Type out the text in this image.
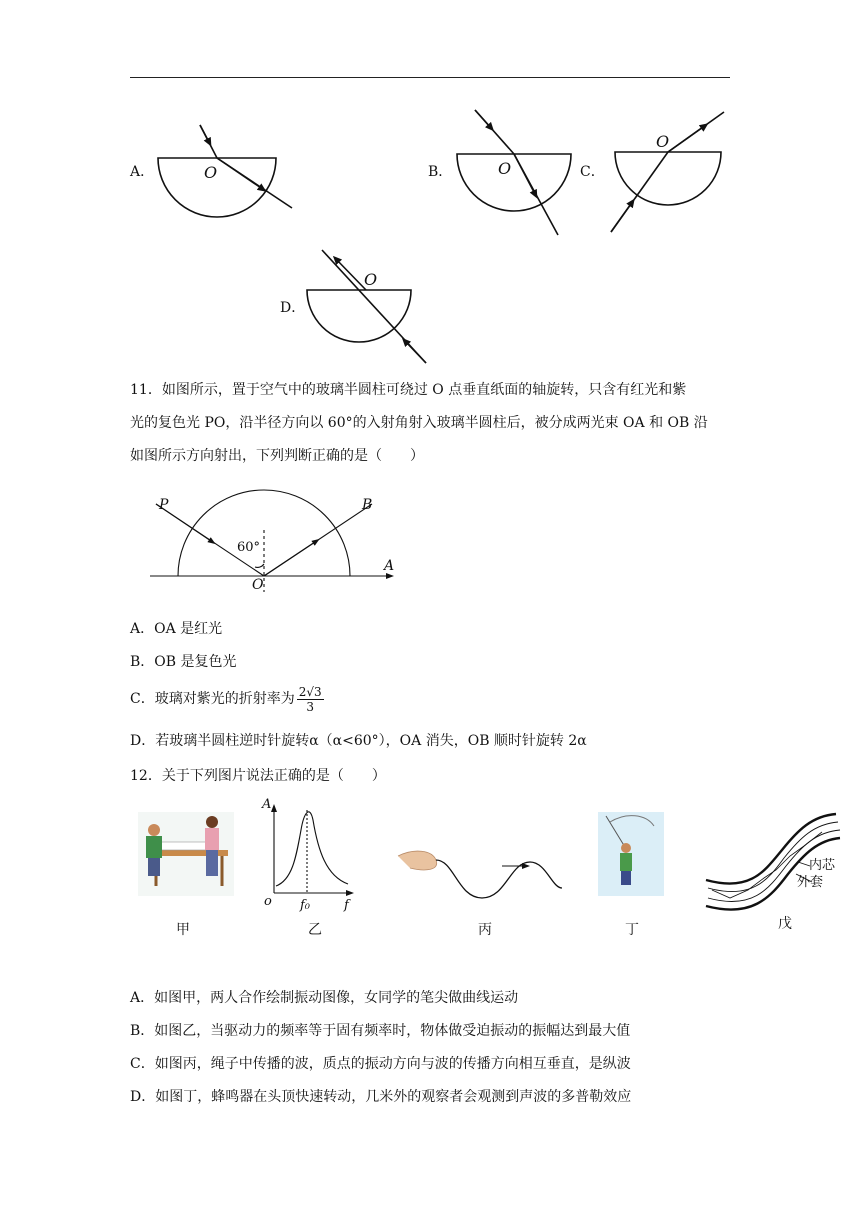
A．	B．	C．
D．
O	O
O
O
11．如图所示，置于空气中的玻璃半圆柱可绕过 O 点垂直纸面的轴旋转，只含有红光和紫
光的复色光 PO，沿半径方向以 60°的入射角射入玻璃半圆柱后，被分成两光束 OA 和 OB 沿
如图所示方向射出，下列判断正确的是（　　）
P	B
A
O
60°
A．OA 是红光
B．OB 是复色光
C．玻璃对紫光的折射率为 $\frac{2√3}{3}$
D．若玻璃半圆柱逆时针旋转α（α<60°），OA 消失，OB 顺时针旋转 2α
12．关于下列图片说法正确的是（　　）
A
f
o f₀
内芯
外套
甲	乙	丙	丁	戊
A．如图甲，两人合作绘制振动图像，女同学的笔尖做曲线运动
B．如图乙，当驱动力的频率等于固有频率时，物体做受迫振动的振幅达到最大值
C．如图丙，绳子中传播的波，质点的振动方向与波的传播方向相互垂直，是纵波
D．如图丁，蜂鸣器在头顶快速转动，几米外的观察者会观测到声波的多普勒效应
